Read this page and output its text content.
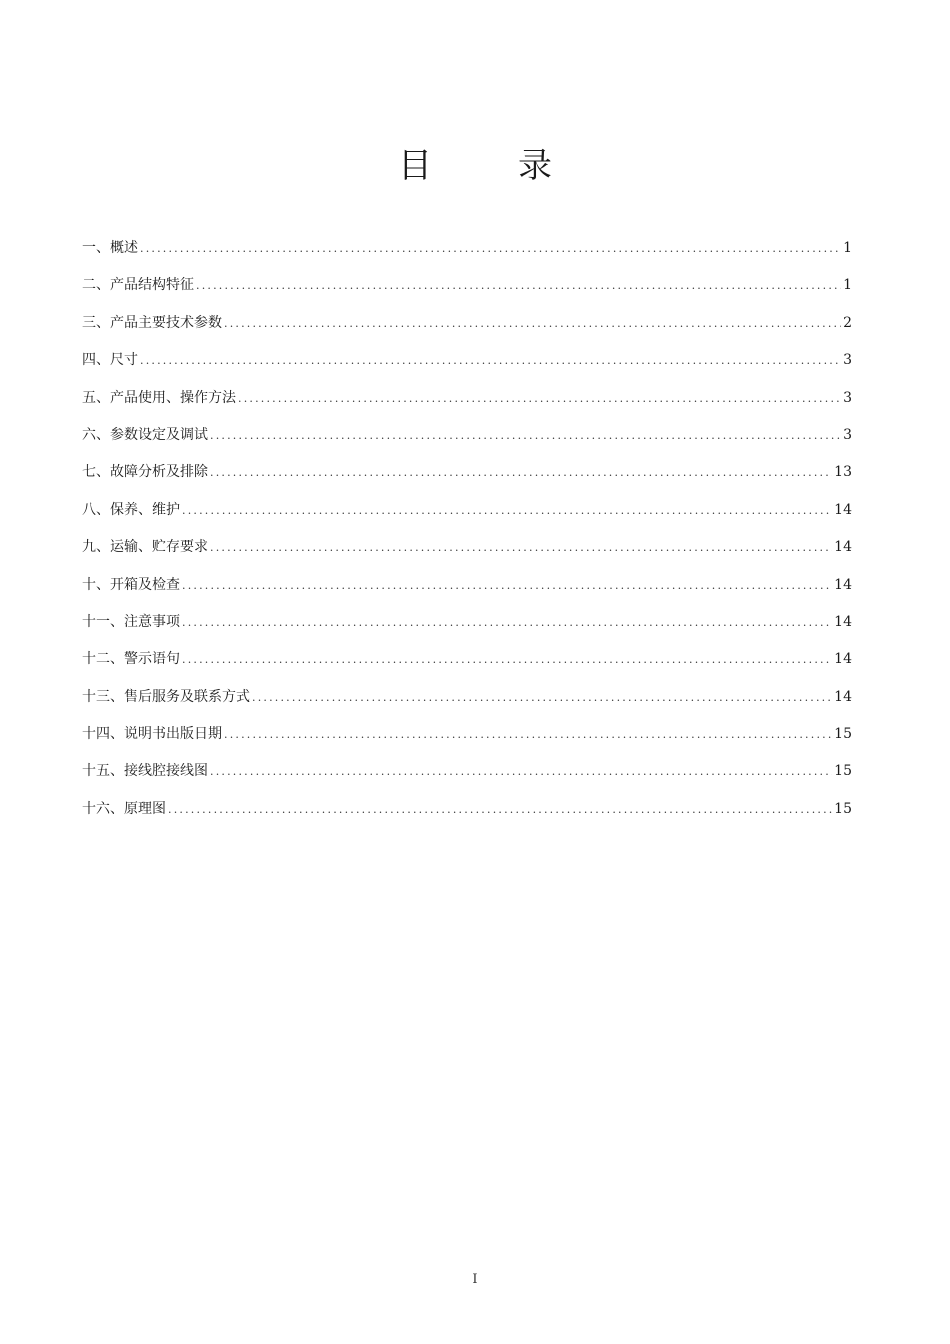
目	录
一、概述 .....	1
二、产品结构特征 .....	1
三、产品主要技术参数 .....	2
四、尺寸 .....	3
五、产品使用、操作方法 .....	3
六、参数设定及调试 .....	3
七、故障分析及排除 .....	13
八、保养、维护 .....	14
九、运输、贮存要求 .....	14
十、开箱及检查 .....	14
十一、注意事项 .....	14
十二、警示语句 .....	14
十三、售后服务及联系方式 .....	14
十四、说明书出版日期 .....	15
十五、接线腔接线图 .....	15
十六、原理图 .....	15
I
